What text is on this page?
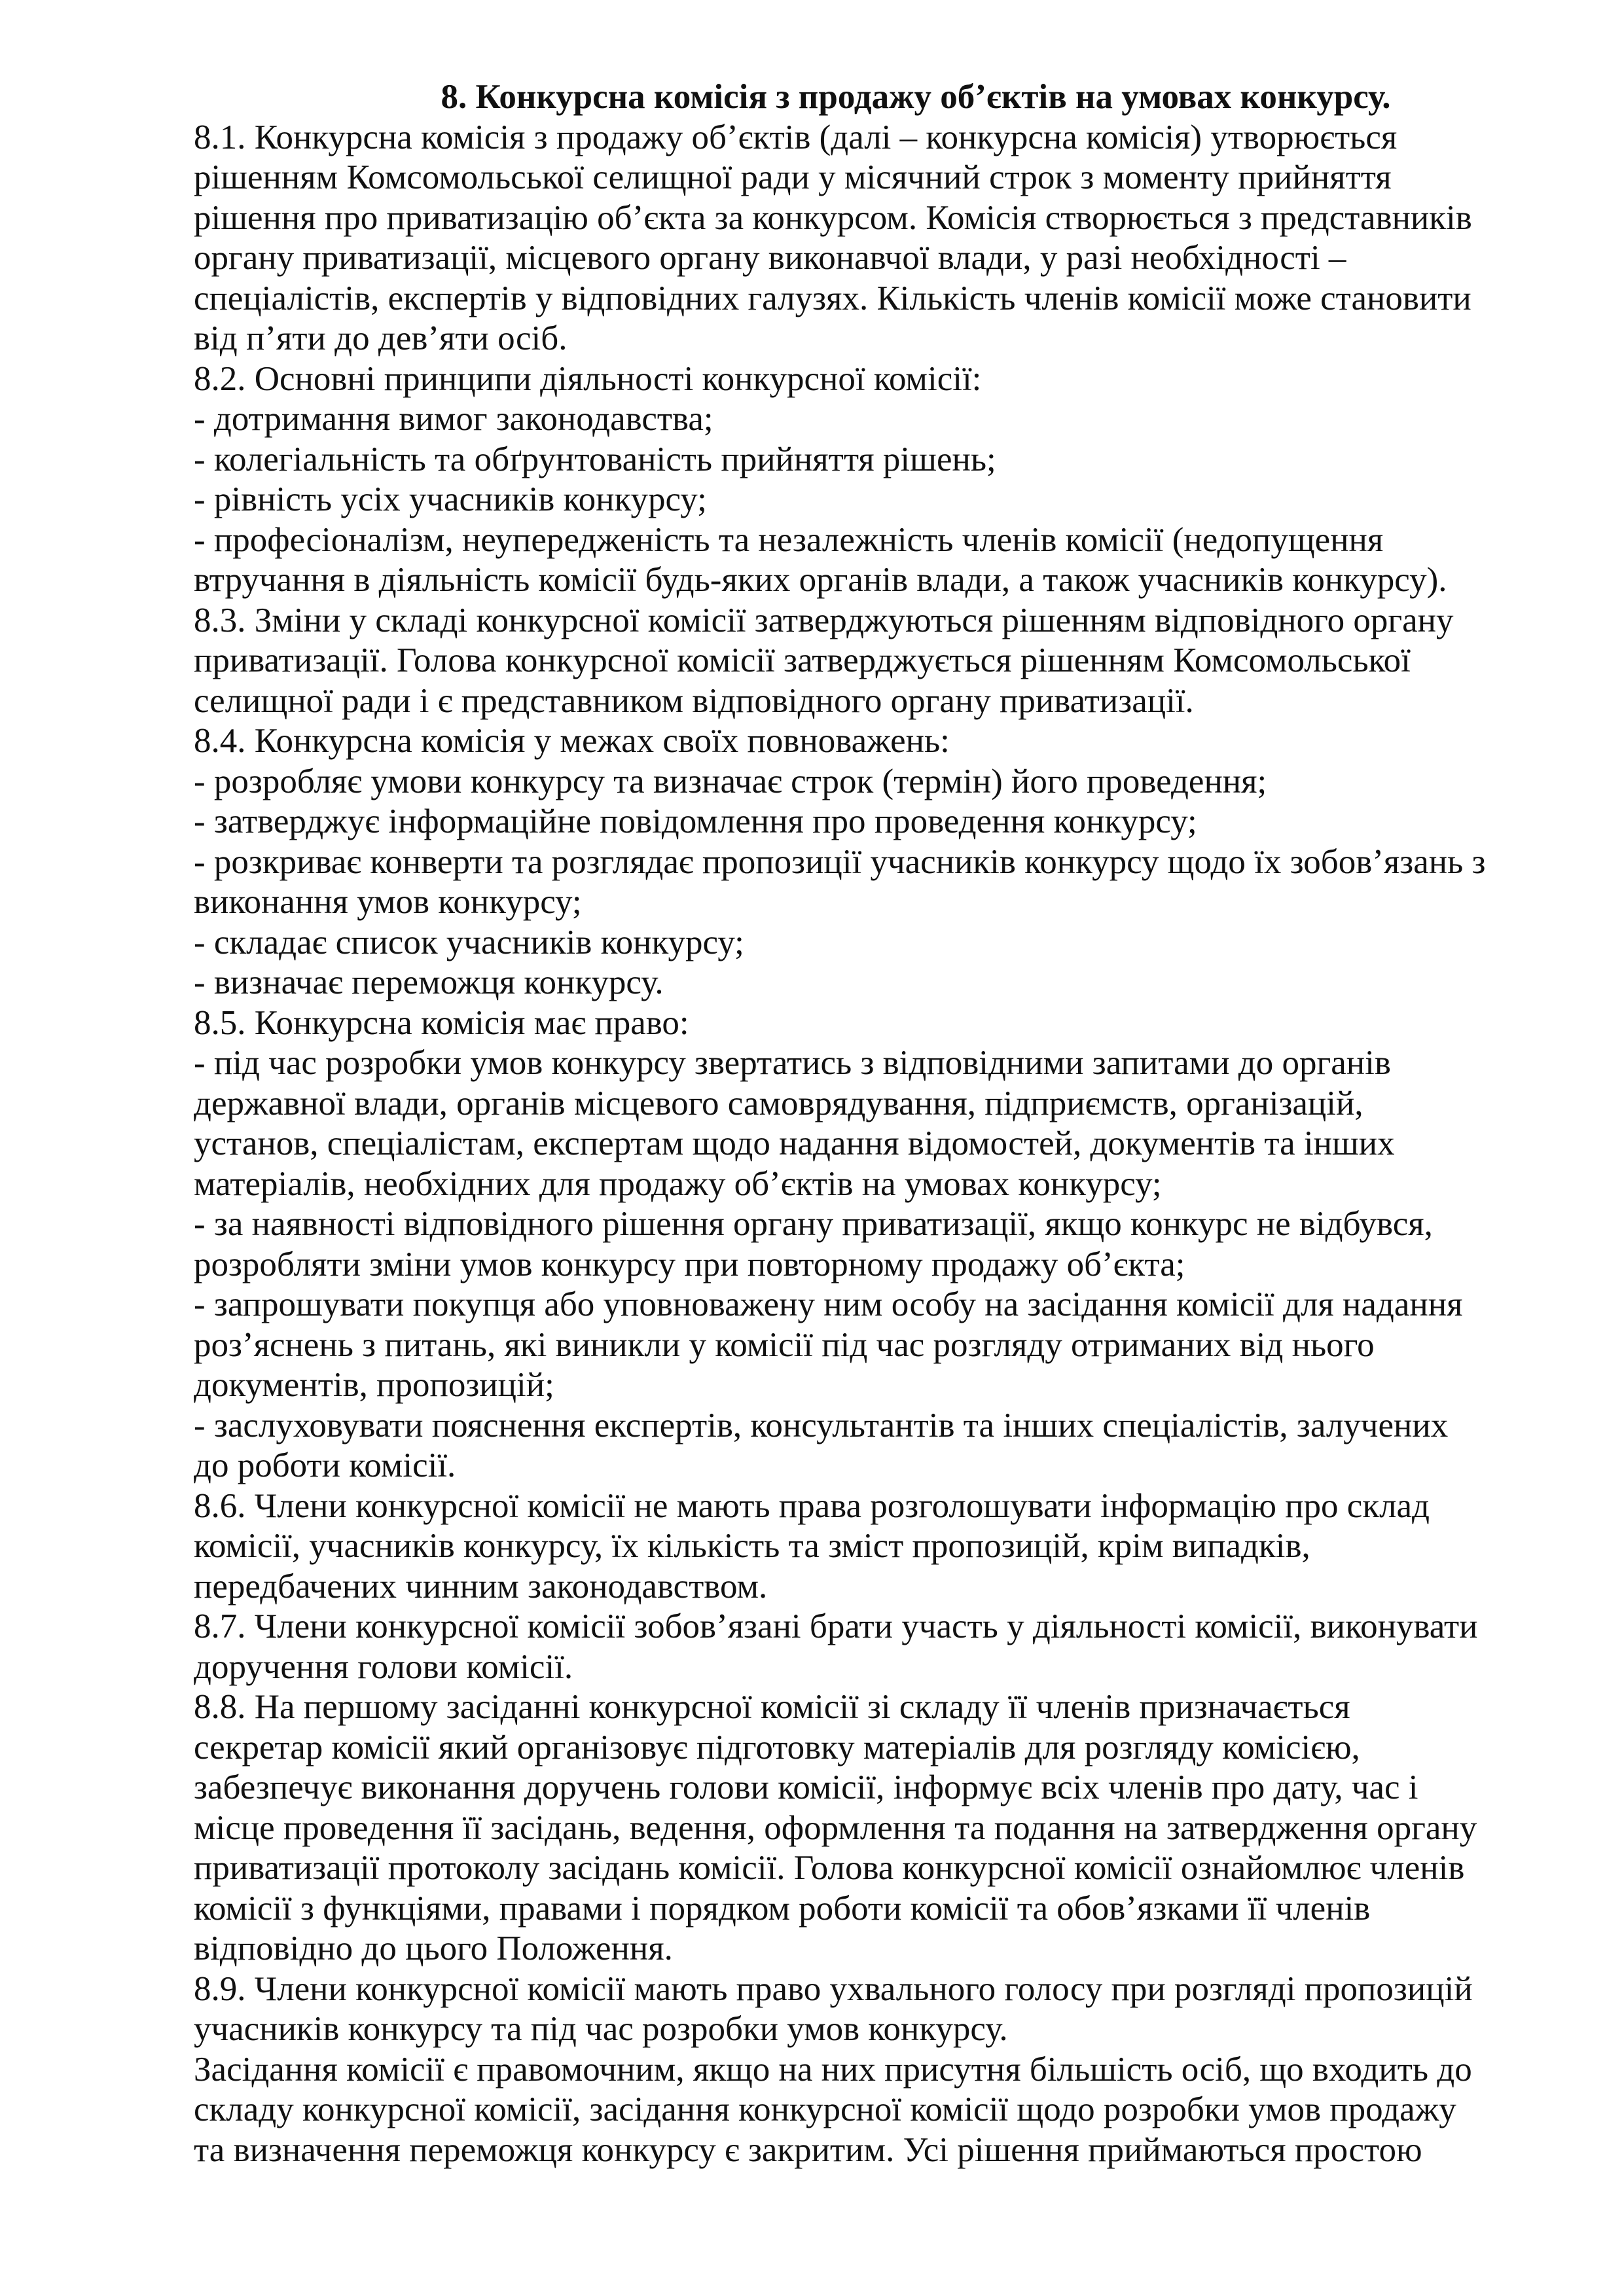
8. Конкурсна комісія з продажу об’єктів на умовах конкурсу.
8.1. Конкурсна комісія з продажу об’єктів (далі – конкурсна комісія) утворюється
рішенням Комсомольської селищної ради у місячний строк з моменту прийняття
рішення про приватизацію об’єкта за конкурсом. Комісія створюється з представників
органу приватизації, місцевого органу виконавчої влади, у разі необхідності –
спеціалістів, експертів у відповідних галузях. Кількість членів комісії може становити
від п’яти до дев’яти осіб.
8.2. Основні принципи діяльності конкурсної комісії:
- дотримання вимог законодавства;
- колегіальність та обґрунтованість прийняття рішень;
- рівність усіх учасників конкурсу;
- професіоналізм, неупередженість та незалежність членів комісії (недопущення
втручання в діяльність комісії будь-яких органів влади, а також учасників конкурсу).
8.3. Зміни у складі конкурсної комісії затверджуються рішенням відповідного органу
приватизації. Голова конкурсної комісії затверджується рішенням Комсомольської
селищної ради і є представником відповідного органу приватизації.
8.4. Конкурсна комісія у межах своїх повноважень:
- розробляє умови конкурсу та визначає строк (термін) його проведення;
- затверджує інформаційне повідомлення про проведення конкурсу;
- розкриває конверти та розглядає пропозиції учасників конкурсу щодо їх зобов’язань з
виконання умов конкурсу;
- складає список учасників конкурсу;
- визначає переможця конкурсу.
8.5. Конкурсна комісія має право:
- під час розробки умов конкурсу звертатись з відповідними запитами до органів
державної влади, органів місцевого самоврядування, підприємств, організацій,
установ, спеціалістам, експертам щодо надання відомостей, документів та інших
матеріалів, необхідних для продажу об’єктів на умовах конкурсу;
- за наявності відповідного рішення органу приватизації, якщо конкурс не відбувся,
розробляти зміни умов конкурсу при повторному продажу об’єкта;
- запрошувати покупця або уповноважену ним особу на засідання комісії для надання
роз’яснень з питань, які виникли у комісії під час розгляду отриманих від нього
документів, пропозицій;
- заслуховувати пояснення експертів, консультантів та інших спеціалістів, залучених
до роботи комісії.
8.6. Члени конкурсної комісії не мають права розголошувати інформацію про склад
комісії, учасників конкурсу, їх кількість та зміст пропозицій, крім випадків,
передбачених чинним законодавством.
8.7. Члени конкурсної комісії зобов’язані брати участь у діяльності комісії, виконувати
доручення голови комісії.
8.8. На першому засіданні конкурсної комісії зі складу її членів призначається
секретар комісії який організовує підготовку матеріалів для розгляду комісією,
забезпечує виконання доручень голови комісії, інформує всіх членів про дату, час і
місце проведення її засідань, ведення, оформлення та подання на затвердження органу
приватизації протоколу засідань комісії. Голова конкурсної комісії ознайомлює членів
комісії з функціями, правами і порядком роботи комісії та обов’язками її членів
відповідно до цього Положення.
8.9. Члени конкурсної комісії мають право ухвального голосу при розгляді пропозицій
учасників конкурсу та під час розробки умов конкурсу.
Засідання комісії є правомочним, якщо на них присутня більшість осіб, що входить до
складу конкурсної комісії, засідання конкурсної комісії щодо розробки умов продажу
та визначення переможця конкурсу є закритим. Усі рішення приймаються простою
